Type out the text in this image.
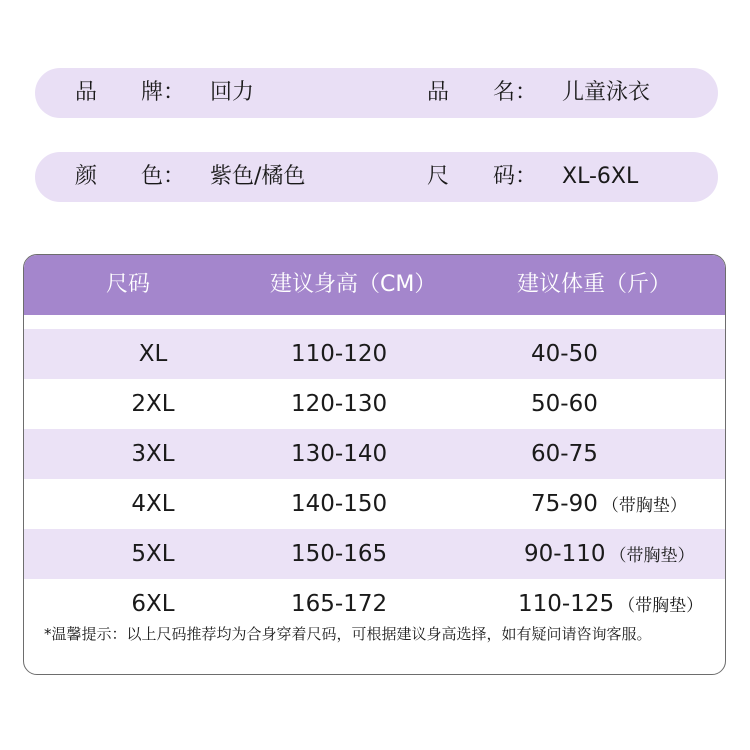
品　　牌： 回力	品　　名： 儿童泳衣
颜　　色： 紫色/橘色	尺　　码： XL-6XL
尺码	建议身高（CM）	建议体重（斤）
XL	110-120	40-50
2XL	120-130	50-60
3XL	130-140	60-75
4XL	140-150	75-90 （带胸垫）
5XL	150-165	90-110 （带胸垫）
6XL	165-172	110-125 （带胸垫）
*温馨提示：以上尺码推荐均为合身穿着尺码，可根据建议身高选择，如有疑问请咨询客服。
